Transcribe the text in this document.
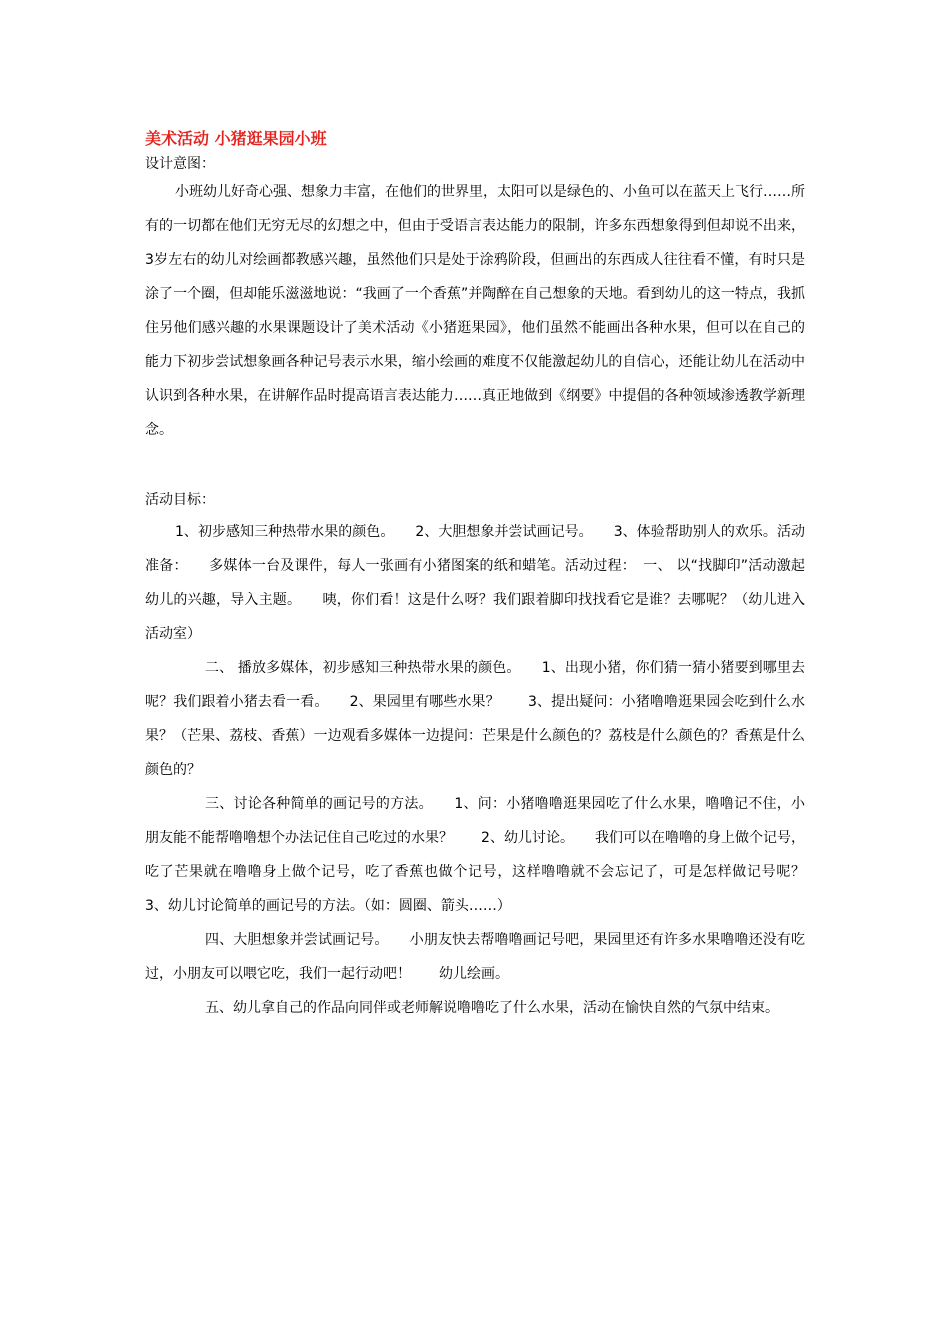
美术活动 小猪逛果园小班
设计意图：

小班幼儿好奇心强、想象力丰富，在他们的世界里，太阳可以是绿色的、小鱼可以在蓝天上飞行……所有的一切都在他们无穷无尽的幻想之中，但由于受语言表达能力的限制，许多东西想象得到但却说不出来，3岁左右的幼儿对绘画都教感兴趣，虽然他们只是处于涂鸦阶段，但画出的东西成人往往看不懂，有时只是涂了一个圈，但却能乐滋滋地说：“我画了一个香蕉”并陶醉在自己想象的天地。看到幼儿的这一特点，我抓住另他们感兴趣的水果课题设计了美术活动《小猪逛果园》，他们虽然不能画出各种水果，但可以在自己的能力下初步尝试想象画各种记号表示水果，缩小绘画的难度不仅能激起幼儿的自信心，还能让幼儿在活动中认识到各种水果，在讲解作品时提高语言表达能力……真正地做到《纲要》中提倡的各种领域渗透教学新理念。

活动目标：

1、初步感知三种热带水果的颜色。　　2、大胆想象并尝试画记号。　　3、体验帮助别人的欢乐。活动准备：　　多媒体一台及课件，每人一张画有小猪图案的纸和蜡笔。活动过程：　一、 以“找脚印”活动激起幼儿的兴趣，导入主题。　　咦，你们看！这是什么呀？我们跟着脚印找找看它是谁？去哪呢？（幼儿进入活动室）

二、 播放多媒体，初步感知三种热带水果的颜色。　　1、出现小猪，你们猜一猜小猪要到哪里去呢？我们跟着小猪去看一看。　　2、果园里有哪些水果？　　3、提出疑问：小猪噜噜逛果园会吃到什么水果？（芒果、荔枝、香蕉）一边观看多媒体一边提问：芒果是什么颜色的？荔枝是什么颜色的？香蕉是什么颜色的？

三、讨论各种简单的画记号的方法。　　1、问：小猪噜噜逛果园吃了什么水果，噜噜记不住，小朋友能不能帮噜噜想个办法记住自己吃过的水果？　　2、幼儿讨论。　　我们可以在噜噜的身上做个记号，吃了芒果就在噜噜身上做个记号，吃了香蕉也做个记号，这样噜噜就不会忘记了，可是怎样做记号呢？　　3、幼儿讨论简单的画记号的方法。（如：圆圈、箭头……）

四、大胆想象并尝试画记号。　　小朋友快去帮噜噜画记号吧，果园里还有许多水果噜噜还没有吃过，小朋友可以喂它吃，我们一起行动吧！　　幼儿绘画。

五、幼儿拿自己的作品向同伴或老师解说噜噜吃了什么水果，活动在愉快自然的气氛中结束。
